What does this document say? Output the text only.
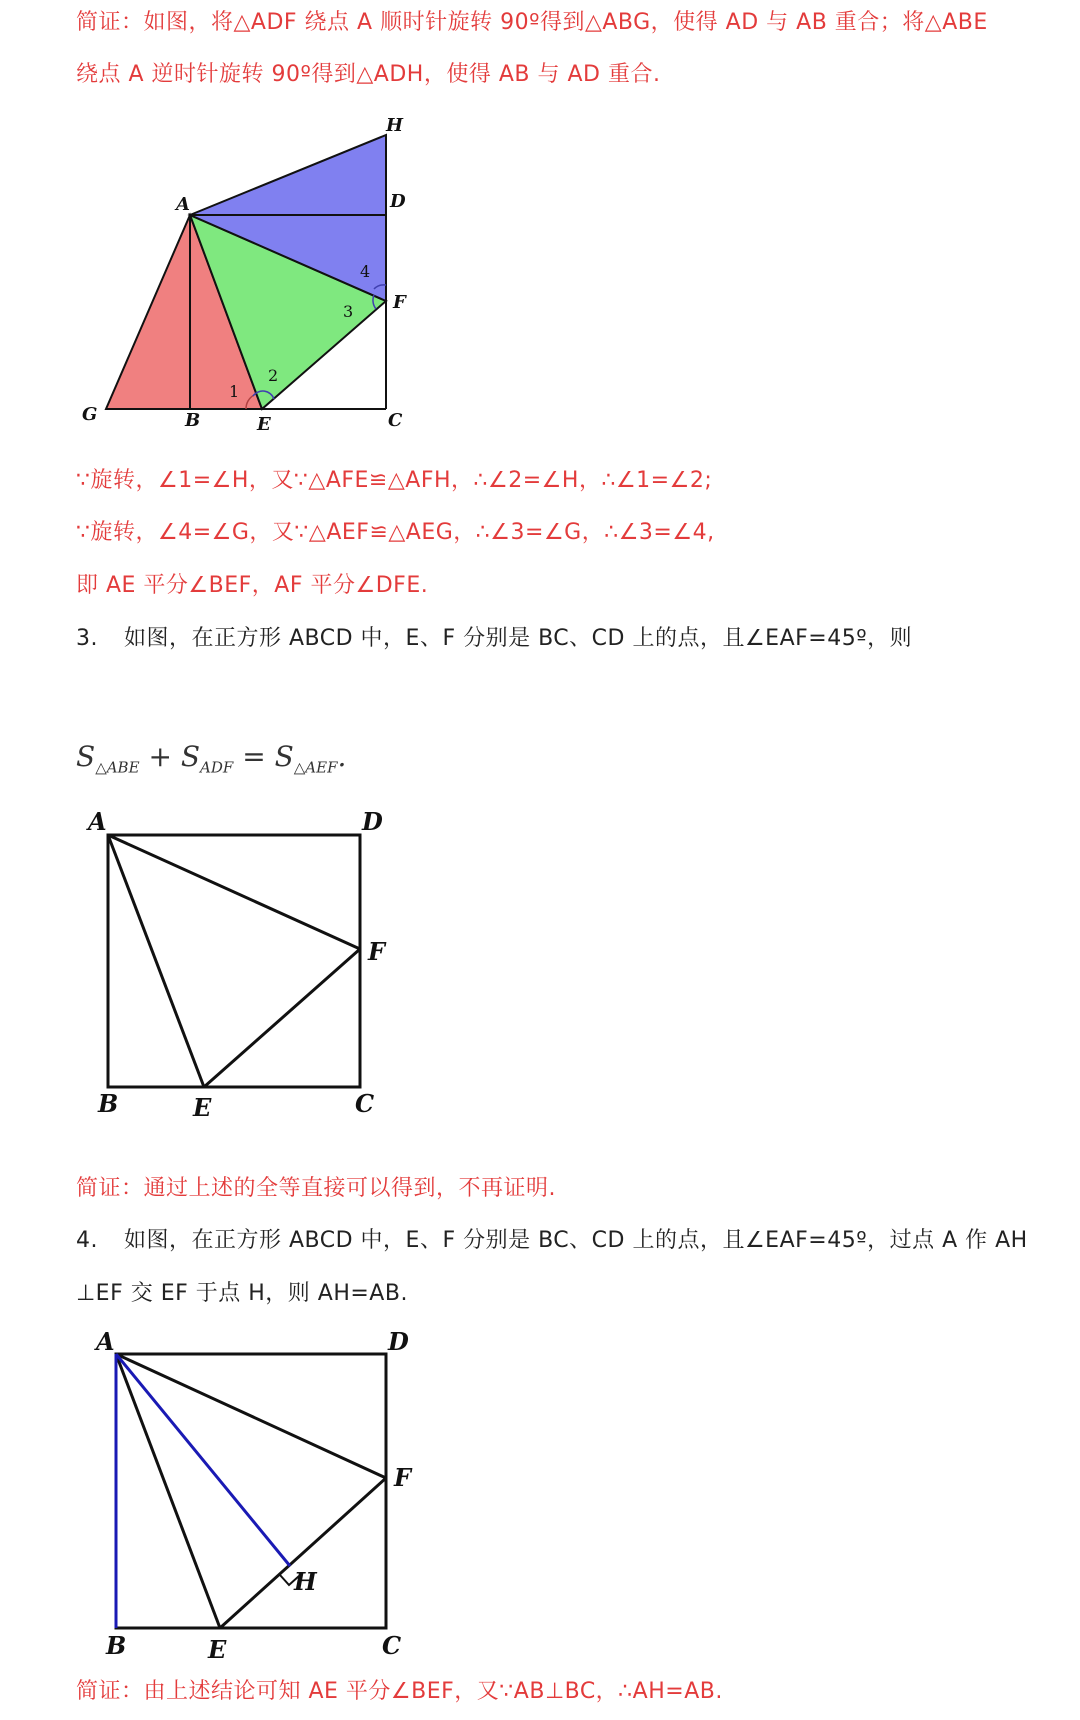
简证：如图，将△ADF 绕点 A 顺时针旋转 90º得到△ABG，使得 AD 与 AB 重合；将△ABE
绕点 A 逆时针旋转 90º得到△ADH，使得 AB 与 AD 重合.
H
A	D
F
G	B	E	C
1
2
3
4
∵旋转，∠1=∠H，又∵△AFE≌△AFH，∴∠2=∠H，∴∠1=∠2;
∵旋转，∠4=∠G，又∵△AEF≌△AEG，∴∠3=∠G，∴∠3=∠4,
即 AE 平分∠BEF，AF 平分∠DFE.
3. 如图，在正方形 ABCD 中，E、F 分别是 BC、CD 上的点，且∠EAF=45º，则
$S_{\triangle ABE} + S_{ADF} = S_{\triangle AEF}$.
A	D
F
B	E	C
简证：通过上述的全等直接可以得到，不再证明.
4. 如图，在正方形 ABCD 中，E、F 分别是 BC、CD 上的点，且∠EAF=45º，过点 A 作 AH
⊥EF 交 EF 于点 H，则 AH=AB.
A	D
F
H
B	E	C
简证：由上述结论可知 AE 平分∠BEF，又∵AB⊥BC，∴AH=AB.
